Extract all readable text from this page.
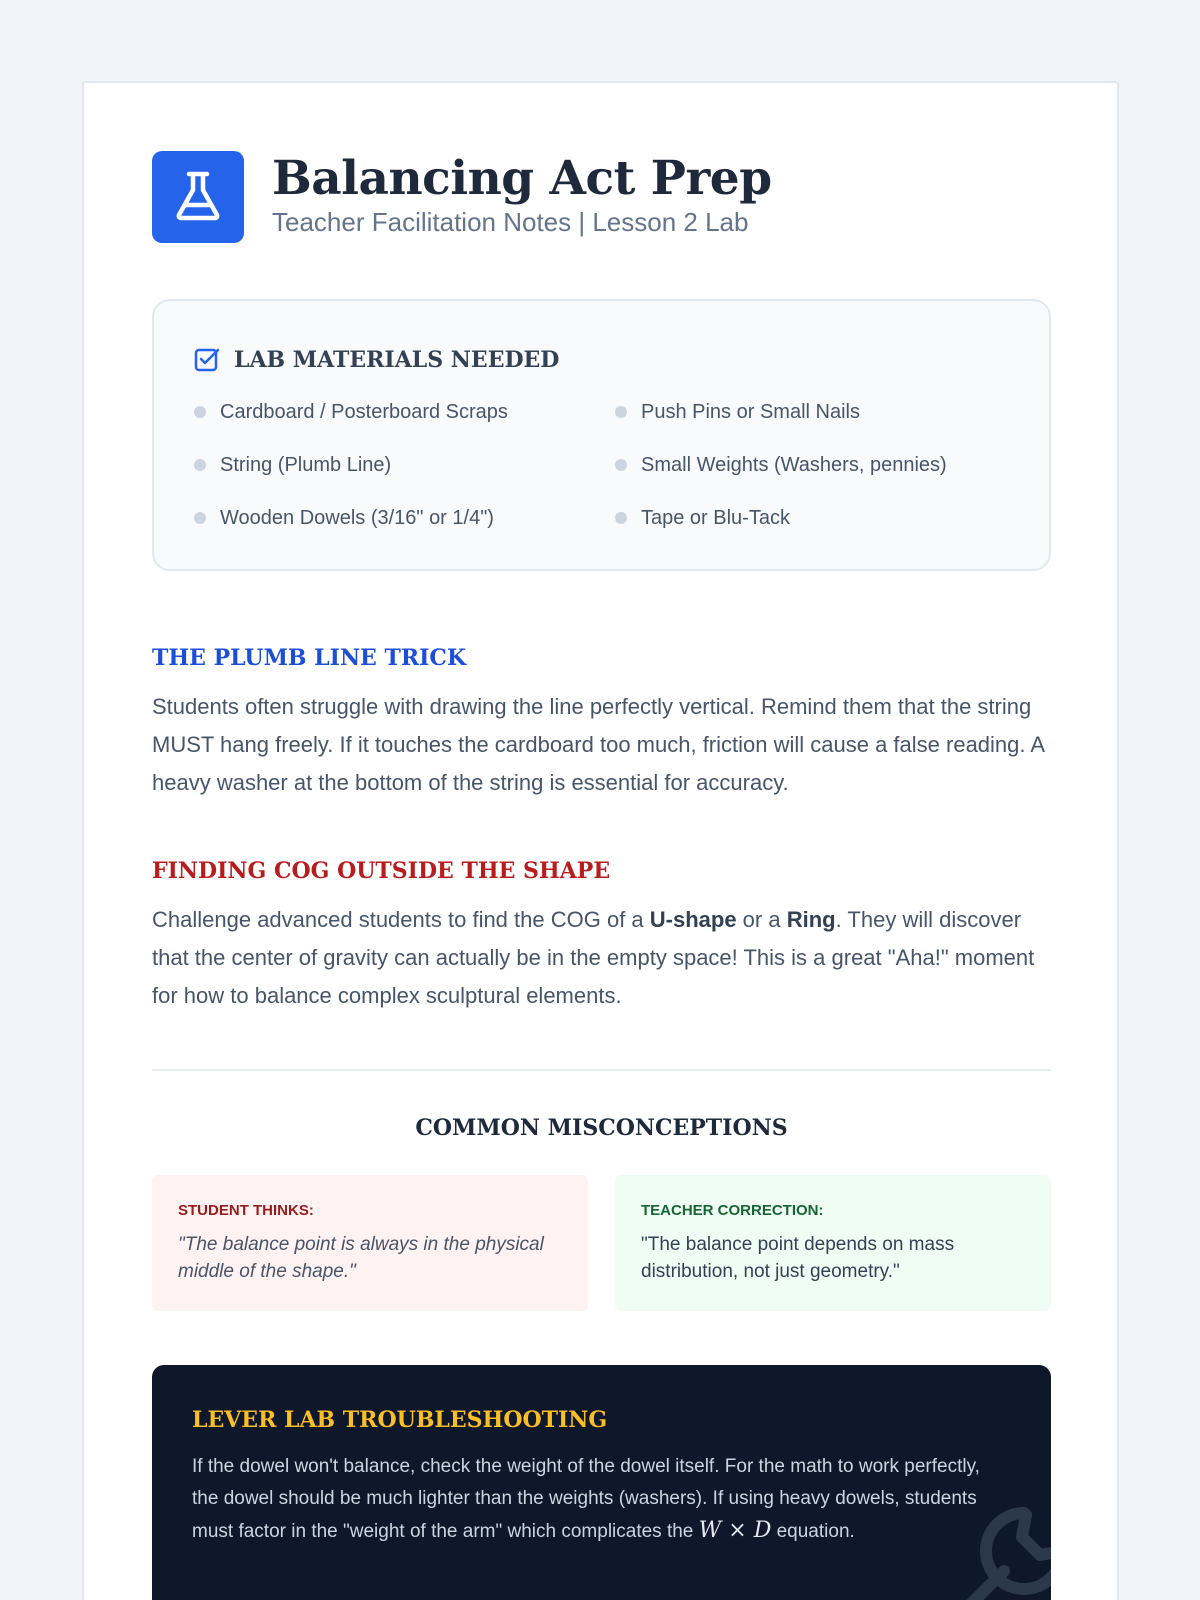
Balancing Act Prep
Teacher Facilitation Notes | Lesson 2 Lab
LAB MATERIALS NEEDED
Cardboard / Posterboard Scraps	Push Pins or Small Nails
String (Plumb Line)	Small Weights (Washers, pennies)
Wooden Dowels (3/16" or 1/4")	Tape or Blu-Tack
THE PLUMB LINE TRICK
Students often struggle with drawing the line perfectly vertical. Remind them that the string MUST hang freely. If it touches the cardboard too much, friction will cause a false reading. A heavy washer at the bottom of the string is essential for accuracy.
FINDING COG OUTSIDE THE SHAPE
Challenge advanced students to find the COG of a U-shape or a Ring. They will discover that the center of gravity can actually be in the empty space! This is a great "Aha!" moment for how to balance complex sculptural elements.
COMMON MISCONCEPTIONS
STUDENT THINKS:
"The balance point is always in the physical middle of the shape."
TEACHER CORRECTION:
"The balance point depends on mass distribution, not just geometry."
LEVER LAB TROUBLESHOOTING
If the dowel won't balance, check the weight of the dowel itself. For the math to work perfectly, the dowel should be much lighter than the weights (washers). If using heavy dowels, students must factor in the "weight of the arm" which complicates the W × D equation.
